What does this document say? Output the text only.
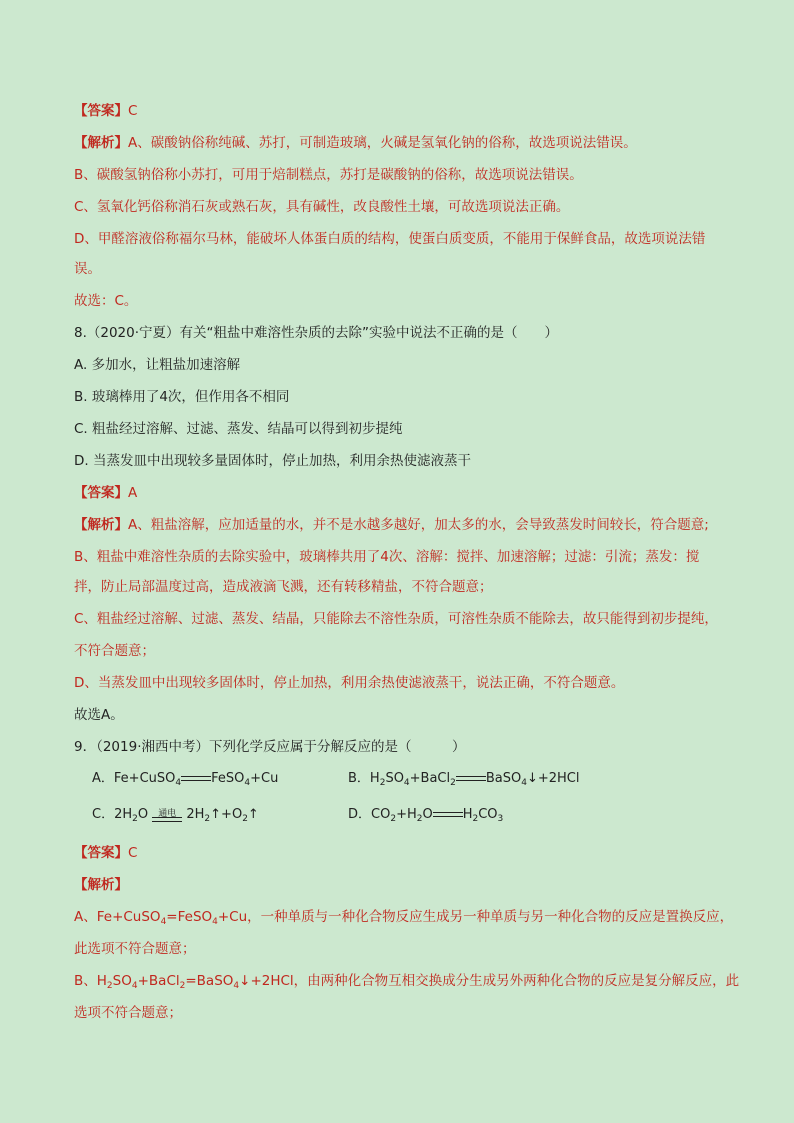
【答案】C
【解析】A、碳酸钠俗称纯碱、苏打，可制造玻璃，火碱是氢氧化钠的俗称，故选项说法错误。
B、碳酸氢钠俗称小苏打，可用于焙制糕点，苏打是碳酸钠的俗称，故选项说法错误。
C、氢氧化钙俗称消石灰或熟石灰，具有碱性，改良酸性土壤，可故选项说法正确。
D、甲醛溶液俗称福尔马林，能破坏人体蛋白质的结构，使蛋白质变质，不能用于保鲜食品，故选项说法错
误。
故选：C。
8.（2020·宁夏）有关“粗盐中难溶性杂质的去除”实验中说法不正确的是（　　）
A. 多加水，让粗盐加速溶解
B. 玻璃棒用了4次，但作用各不相同
C. 粗盐经过溶解、过滤、蒸发、结晶可以得到初步提纯
D. 当蒸发皿中出现较多量固体时，停止加热，利用余热使滤液蒸干
【答案】A
【解析】A、粗盐溶解，应加适量的水，并不是水越多越好，加太多的水，会导致蒸发时间较长，符合题意;
B、粗盐中难溶性杂质的去除实验中，玻璃棒共用了4次、溶解：搅拌、加速溶解；过滤：引流；蒸发：搅
拌，防止局部温度过高，造成液滴飞溅，还有转移精盐，不符合题意；
C、粗盐经过溶解、过滤、蒸发、结晶，只能除去不溶性杂质，可溶性杂质不能除去，故只能得到初步提纯，
不符合题意；
D、当蒸发皿中出现较多固体时，停止加热，利用余热使滤液蒸干，说法正确，不符合题意。
故选A。
9．（2019·湘西中考）下列化学反应属于分解反应的是（　　　）
A．Fe+CuSO$_4$ FeSO$_4$+Cu	B．$H_2SO_4+BaCl_2$ BaSO$_4$↓+2HCl
C．$2H_2O$	通电 $2H_2↑+O_2↑$	D．$CO_2+H_2O$ $H_2CO_3$
【答案】C
【解析】
A、Fe+CuSO$_4$=FeSO$_4$+Cu，一种单质与一种化合物反应生成另一种单质与另一种化合物的反应是置换反应，
此选项不符合题意；
B、$H_2SO_4+BaCl_2=BaSO_4↓+2HCl$，由两种化合物互相交换成分生成另外两种化合物的反应是复分解反应，此
选项不符合题意；
